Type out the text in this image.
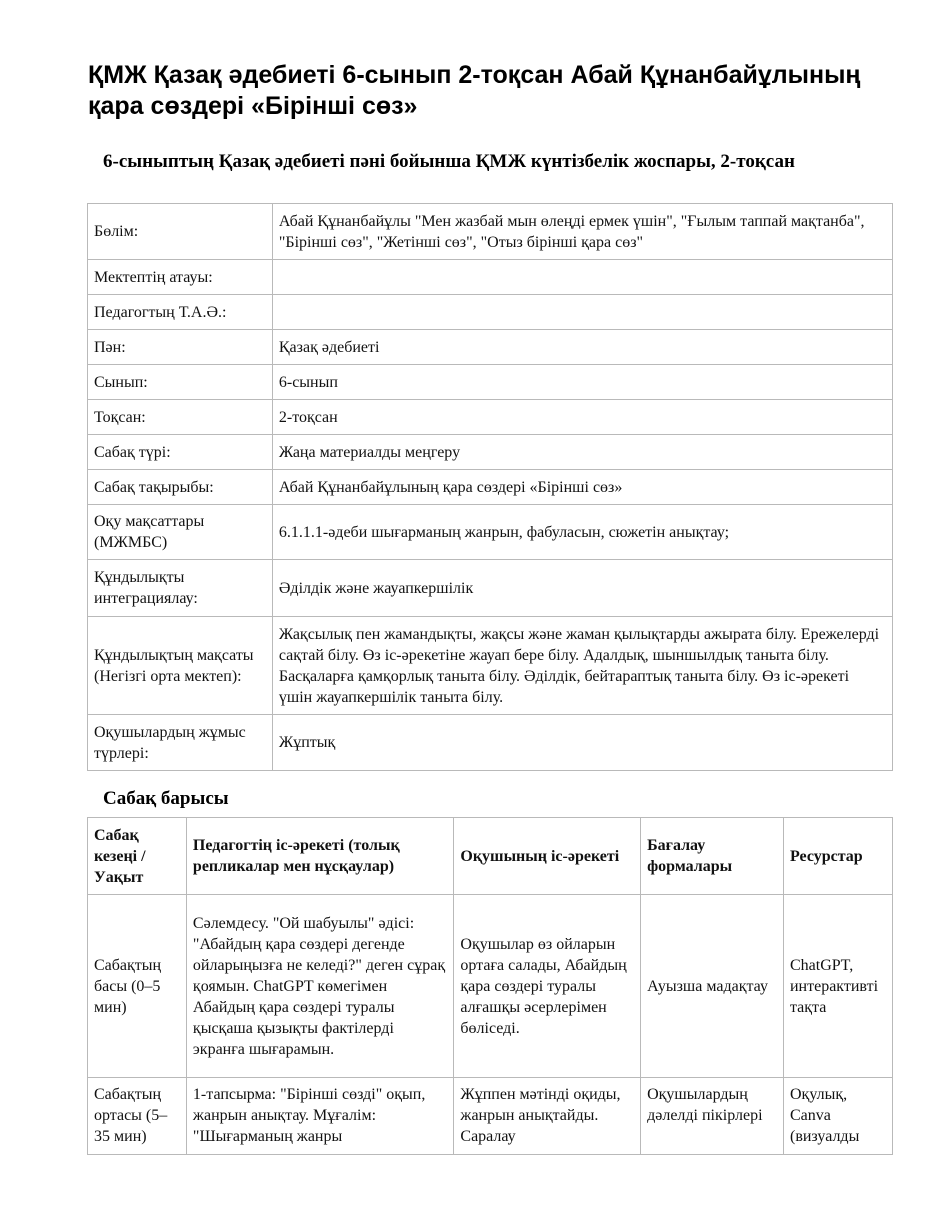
ҚМЖ Қазақ әдебиеті 6-сынып 2-тоқсан Абай Құнанбайұлының қара сөздері «Бірінші сөз»
6-сыныптың Қазақ әдебиеті пәні бойынша ҚМЖ күнтізбелік жоспары, 2-тоқсан
Бөлім:	Абай Құнанбайұлы "Мен жазбай мын өлеңді ермек үшін", "Ғылым таппай мақтанба", "Бірінші сөз", "Жетінші сөз", "Отыз бірінші қара сөз"
Мектептің атауы:	
Педагогтың Т.А.Ә.:	
Пән:	Қазақ әдебиеті
Сынып:	6-сынып
Тоқсан:	2-тоқсан
Сабақ түрі:	Жаңа материалды меңгеру
Сабақ тақырыбы:	Абай Құнанбайұлының қара сөздері «Бірінші сөз»
Оқу мақсаттары (МЖМБС)	6.1.1.1-әдеби шығарманың жанрын, фабуласын, сюжетін анықтау;
Құндылықты интеграциялау:	Әділдік және жауапкершілік
Құндылықтың мақсаты (Негізгі орта мектеп):	Жақсылық пен жамандықты, жақсы және жаман қылықтарды ажырата білу. Ережелерді сақтай білу. Өз іс-әрекетіне жауап бере білу. Адалдық, шыншылдық таныта білу. Басқаларға қамқорлық таныта білу. Әділдік, бейтараптық таныта білу. Өз іс-әрекеті үшін жауапкершілік таныта білу.
Оқушылардың жұмыс түрлері:	Жұптық
Сабақ барысы
Сабақ кезеңі / Уақыт	Педагогтің іс-әрекеті (толық репликалар мен нұсқаулар)	Оқушының іс-әрекеті	Бағалау формалары	Ресурстар
Сабақтың басы (0–5 мин)	Сәлемдесу. "Ой шабуылы" әдісі: "Абайдың қара сөздері дегенде ойларыңызға не келеді?" деген сұрақ қоямын. ChatGPT көмегімен Абайдың қара сөздері туралы қысқаша қызықты фактілерді экранға шығарамын.	Оқушылар өз ойларын ортаға салады, Абайдың қара сөздері туралы алғашқы әсерлерімен бөліседі.	Ауызша мадақтау	ChatGPT, интерактивті тақта
Сабақтың ортасы (5–35 мин)	1-тапсырма: "Бірінші сөзді" оқып, жанрын анықтау. Мұғалім: "Шығарманың жанры	Жұппен мәтінді оқиды, жанрын анықтайды. Саралау	Оқушылардың дәлелді пікірлері	Оқулық, Canva (визуалды
